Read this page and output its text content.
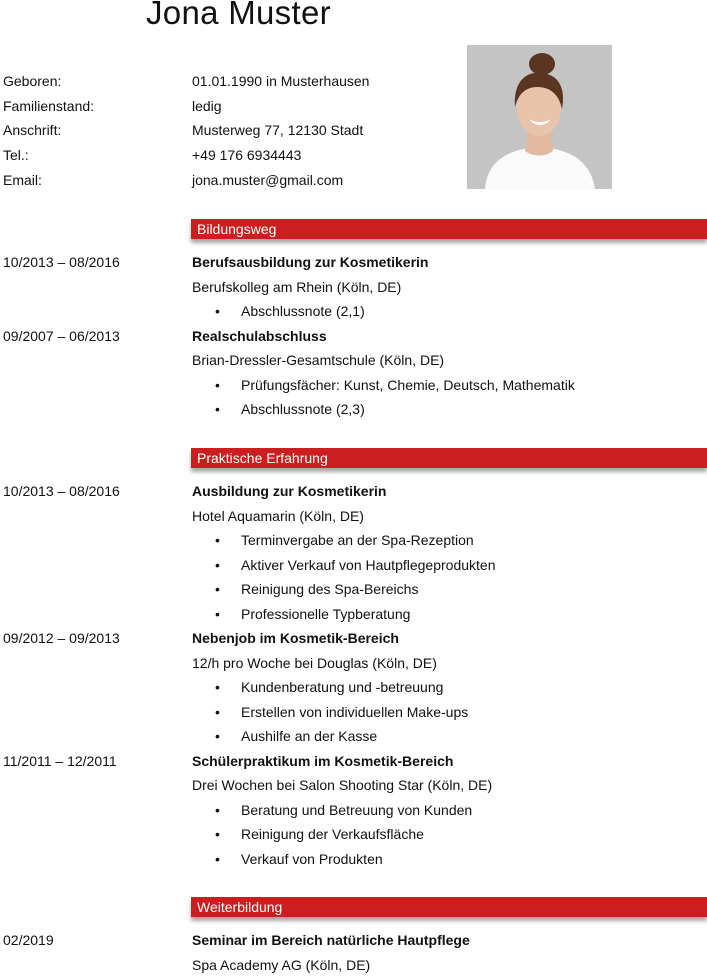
Jona Muster
Geboren:	01.01.1990 in Musterhausen
Familienstand:	ledig
Anschrift:	Musterweg 77, 12130 Stadt
Tel.:	+49 176 6934443
Email:	jona.muster@gmail.com
Bildungsweg
10/2013 – 08/2016	Berufsausbildung zur Kosmetikerin
Berufskolleg am Rhein (Köln, DE)
• Abschlussnote (2,1)
09/2007 – 06/2013	Realschulabschluss
Brian-Dressler-Gesamtschule (Köln, DE)
• Prüfungsfächer: Kunst, Chemie, Deutsch, Mathematik
• Abschlussnote (2,3)
Praktische Erfahrung
10/2013 – 08/2016	Ausbildung zur Kosmetikerin
Hotel Aquamarin (Köln, DE)
• Terminvergabe an der Spa-Rezeption
• Aktiver Verkauf von Hautpflegeprodukten
• Reinigung des Spa-Bereichs
• Professionelle Typberatung
09/2012 – 09/2013	Nebenjob im Kosmetik-Bereich
12/h pro Woche bei Douglas (Köln, DE)
• Kundenberatung und -betreuung
• Erstellen von individuellen Make-ups
• Aushilfe an der Kasse
11/2011 – 12/2011	Schülerpraktikum im Kosmetik-Bereich
Drei Wochen bei Salon Shooting Star (Köln, DE)
• Beratung und Betreuung von Kunden
• Reinigung der Verkaufsfläche
• Verkauf von Produkten
Weiterbildung
02/2019	Seminar im Bereich natürliche Hautpflege
Spa Academy AG (Köln, DE)
